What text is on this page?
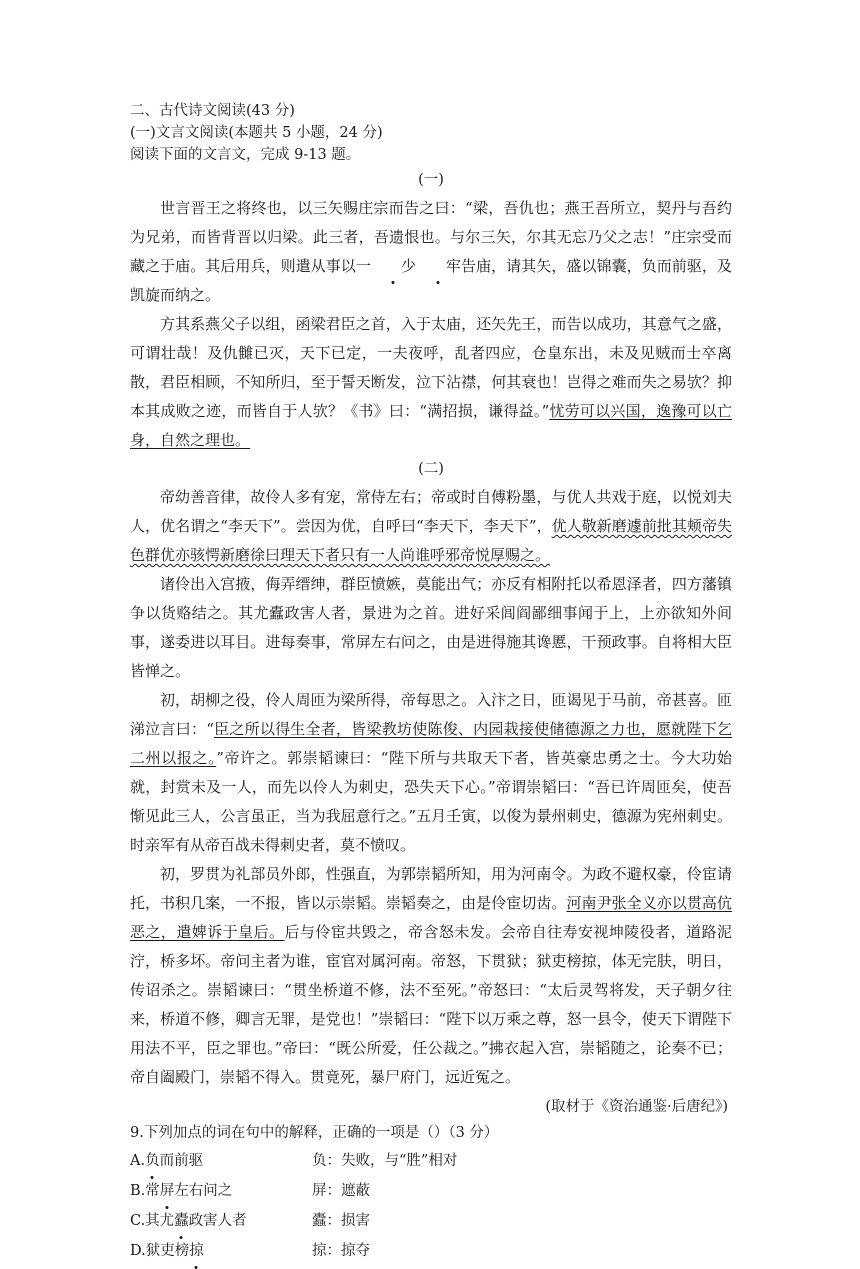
二、古代诗文阅读(43 分)

(一)文言文阅读(本题共 5 小题，24 分)

阅读下面的文言文，完成 9-13 题。

(一)

世言晋王之将终也，以三矢赐庄宗而告之曰：“梁，吾仇也；燕王吾所立，契丹与吾约为兄弟，而皆背晋以归梁。此三者，吾遗恨也。与尔三矢，尔其无忘乃父之志！”庄宗受而藏之于庙。其后用兵，则遣从事以一 少 牢告庙，请其矢，盛以锦囊，负而前驱，及凯旋而纳之。

方其系燕父子以组，函梁君臣之首，入于太庙，还矢先王，而告以成功，其意气之盛，可谓壮哉！及仇雠已灭，天下已定，一夫夜呼，乱者四应，仓皇东出，未及见贼而士卒离散，君臣相顾，不知所归，至于誓天断发，泣下沾襟，何其衰也！岂得之难而失之易欤？抑本其成败之迹，而皆自于人欤？《书》曰：“满招损，谦得益。”忧劳可以兴国，逸豫可以亡身，自然之理也。

(二)

帝幼善音律，故伶人多有宠，常侍左右；帝或时自傅粉墨，与优人共戏于庭，以悦刘夫人，优名谓之“李天下”。尝因为优，自呼曰“李天下，李天下”，优人敬新磨遽前批其颊帝失色群优亦骇愕新磨徐曰理天下者只有一人尚谁呼邪帝悦厚赐之。

诸伶出入宫掖，侮弄缙绅，群臣愤嫉，莫能出气；亦反有相附托以希恩泽者，四方藩镇争以货赂结之。其尤蠹政害人者，景进为之首。进好采闾阎鄙细事闻于上，上亦欲知外间事，遂委进以耳目。进每奏事，常屏左右问之，由是进得施其谗慝，干预政事。自将相大臣皆惮之。

初，胡柳之役，伶人周匝为梁所得，帝每思之。入汴之日，匝谒见于马前，帝甚喜。匝涕泣言曰：“臣之所以得生全者，皆梁教坊使陈俊、内园栽接使储德源之力也，愿就陛下乞二州以报之。”帝许之。郭崇韬谏曰：“陛下所与共取天下者，皆英豪忠勇之士。今大功始就，封赏未及一人，而先以伶人为刺史，恐失天下心。”帝谓崇韬曰：“吾已许周匝矣，使吾惭见此三人，公言虽正，当为我屈意行之。”五月壬寅，以俊为景州刺史，德源为宪州刺史。时亲军有从帝百战未得刺史者，莫不愤叹。

初，罗贯为礼部员外郎，性强直，为郭崇韬所知，用为河南令。为政不避权豪，伶宦请托，书积几案，一不报，皆以示崇韬。崇韬奏之，由是伶宦切齿。河南尹张全义亦以贯高伉恶之，遣婢诉于皇后。后与伶宦共毁之，帝含怒未发。会帝自往寿安视坤陵役者，道路泥泞，桥多坏。帝问主者为谁，宦官对属河南。帝怒，下贯狱；狱吏榜掠，体无完肤，明日，传诏杀之。崇韬谏曰：“贯坐桥道不修，法不至死。”帝怒曰：“太后灵驾将发，天子朝夕往来，桥道不修，卿言无罪，是党也！”崇韬曰：“陛下以万乘之尊，怒一县令，使天下谓陛下用法不平，臣之罪也。”帝曰：“既公所爱，任公裁之。”拂衣起入宫，崇韬随之，论奏不已；帝自阖殿门，崇韬不得入。贯竟死，暴尸府门，远近冤之。

(取材于《资治通鉴·后唐纪》)

9.下列加点的词在句中的解释，正确的一项是（）（3 分）

A.负而前驱	负：失败，与“胜”相对
B.常屏左右问之	屏：遮蔽
C.其尤蠹政害人者	蠹：损害
D.狱吏榜掠	掠：掠夺
